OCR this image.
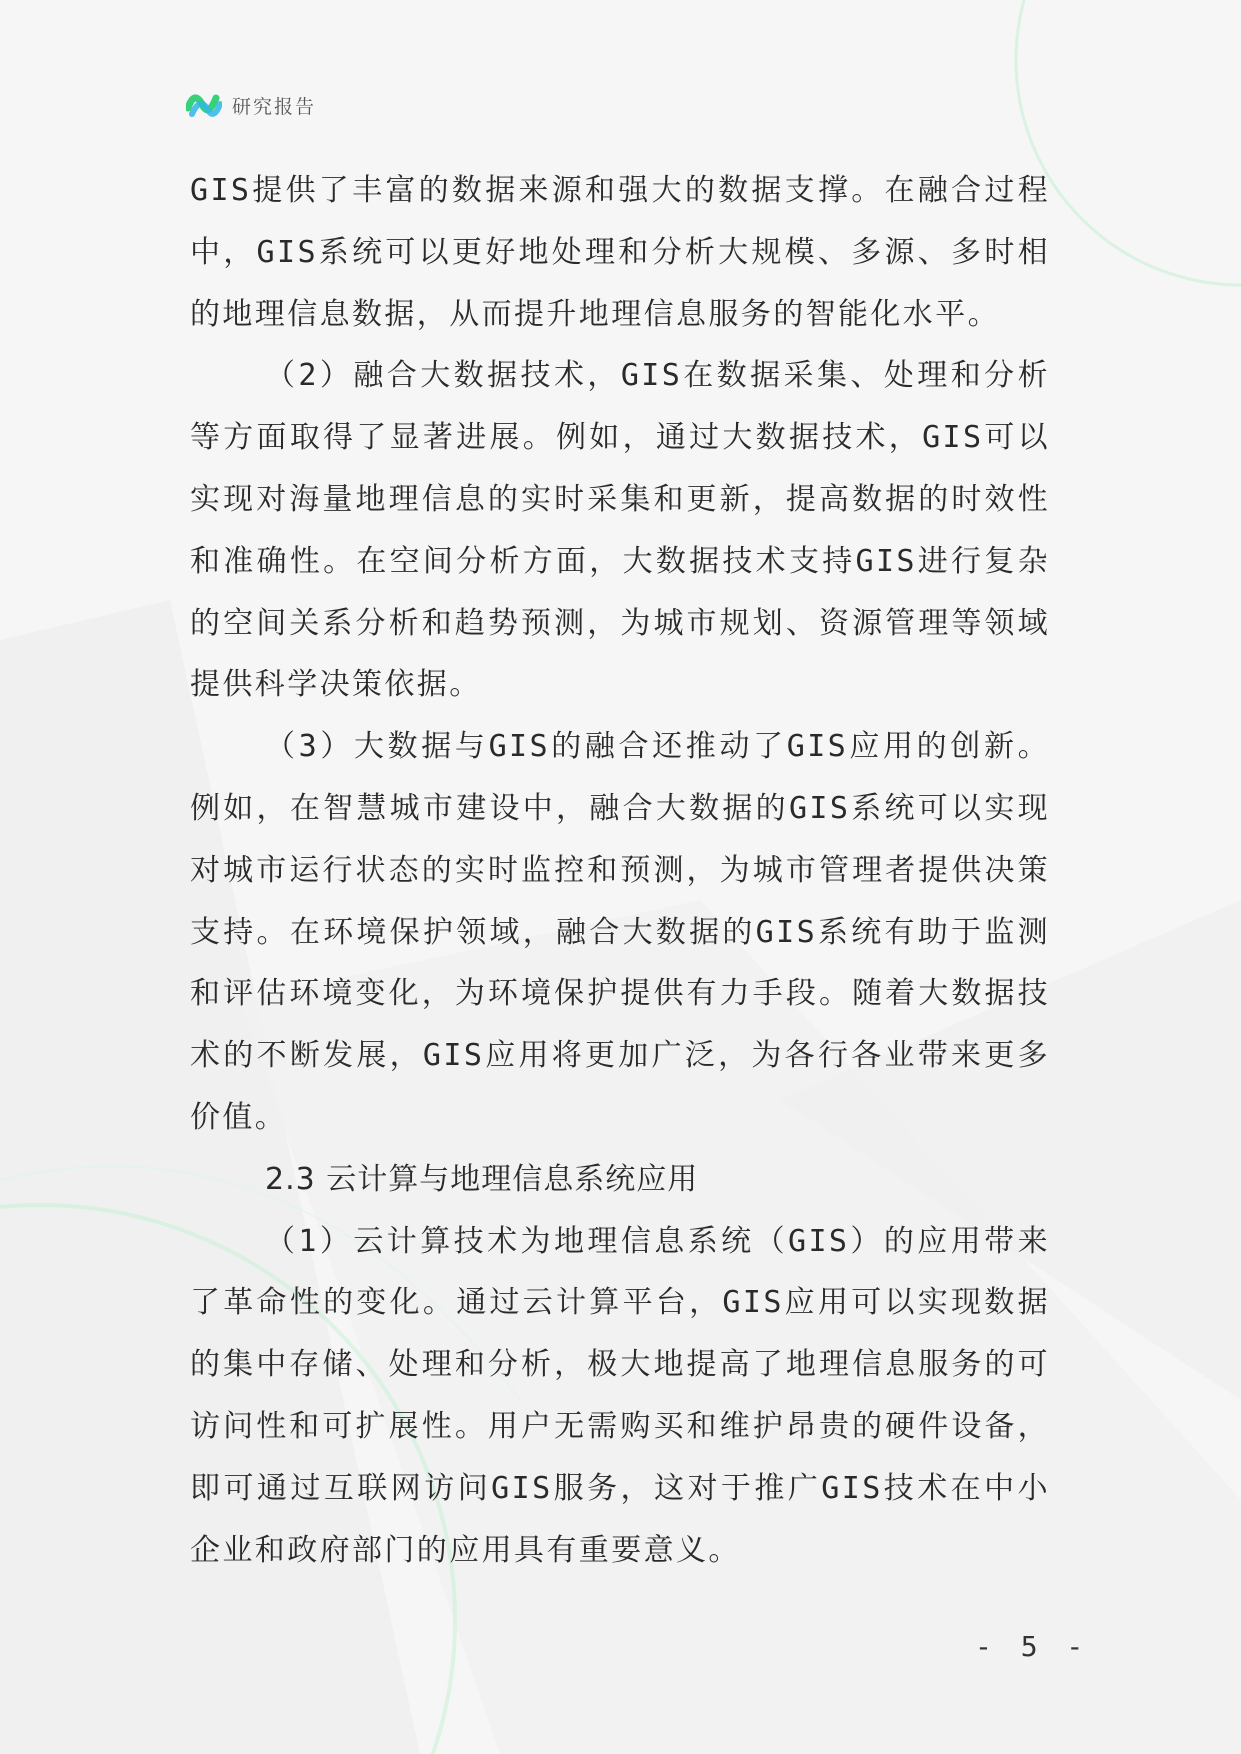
研究报告

GIS提供了丰富的数据来源和强大的数据支撑。在融合过程中，GIS系统可以更好地处理和分析大规模、多源、多时相的地理信息数据，从而提升地理信息服务的智能化水平。

（2）融合大数据技术，GIS在数据采集、处理和分析等方面取得了显著进展。例如，通过大数据技术，GIS可以实现对海量地理信息的实时采集和更新，提高数据的时效性和准确性。在空间分析方面，大数据技术支持GIS进行复杂的空间关系分析和趋势预测，为城市规划、资源管理等领域提供科学决策依据。

（3）大数据与GIS的融合还推动了GIS应用的创新。例如，在智慧城市建设中，融合大数据的GIS系统可以实现对城市运行状态的实时监控和预测，为城市管理者提供决策支持。在环境保护领域，融合大数据的GIS系统有助于监测和评估环境变化，为环境保护提供有力手段。随着大数据技术的不断发展，GIS应用将更加广泛，为各行各业带来更多价值。

2.3 云计算与地理信息系统应用

（1）云计算技术为地理信息系统（GIS）的应用带来了革命性的变化。通过云计算平台，GIS应用可以实现数据的集中存储、处理和分析，极大地提高了地理信息服务的可访问性和可扩展性。用户无需购买和维护昂贵的硬件设备，即可通过互联网访问GIS服务，这对于推广GIS技术在中小企业和政府部门的应用具有重要意义。

- 5 -
